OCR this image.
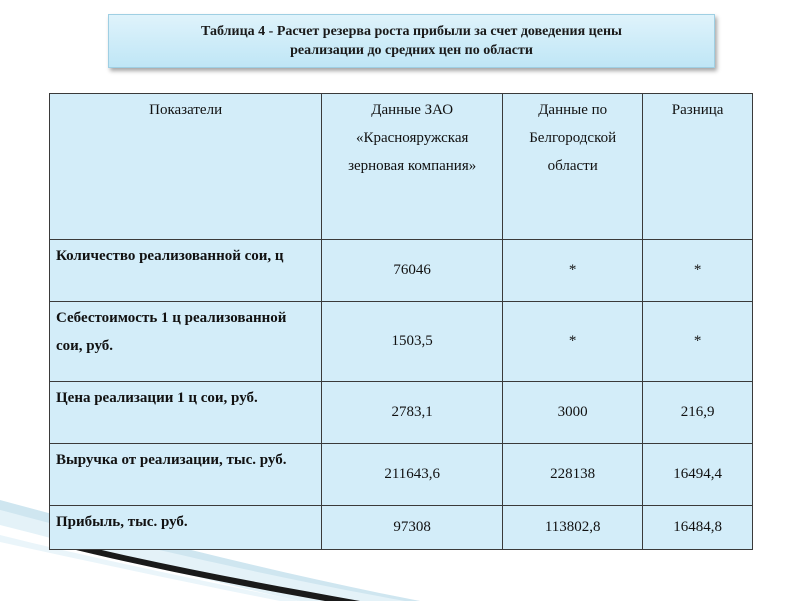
Таблица 4 - Расчет резерва роста прибыли за счет доведения цены
реализации до средних цен по области
Показатели	Данные ЗАО «Краснояружская зерновая компания»	Данные по Белгородской области	Разница
Количество реализованной сои, ц	76046	*	*
Себестоимость 1 ц реализованной сои, руб.	1503,5	*	*
Цена реализации 1 ц сои, руб.	2783,1	3000	216,9
Выручка от реализации, тыс. руб.	211643,6	228138	16494,4
Прибыль, тыс. руб.	97308	113802,8	16484,8
